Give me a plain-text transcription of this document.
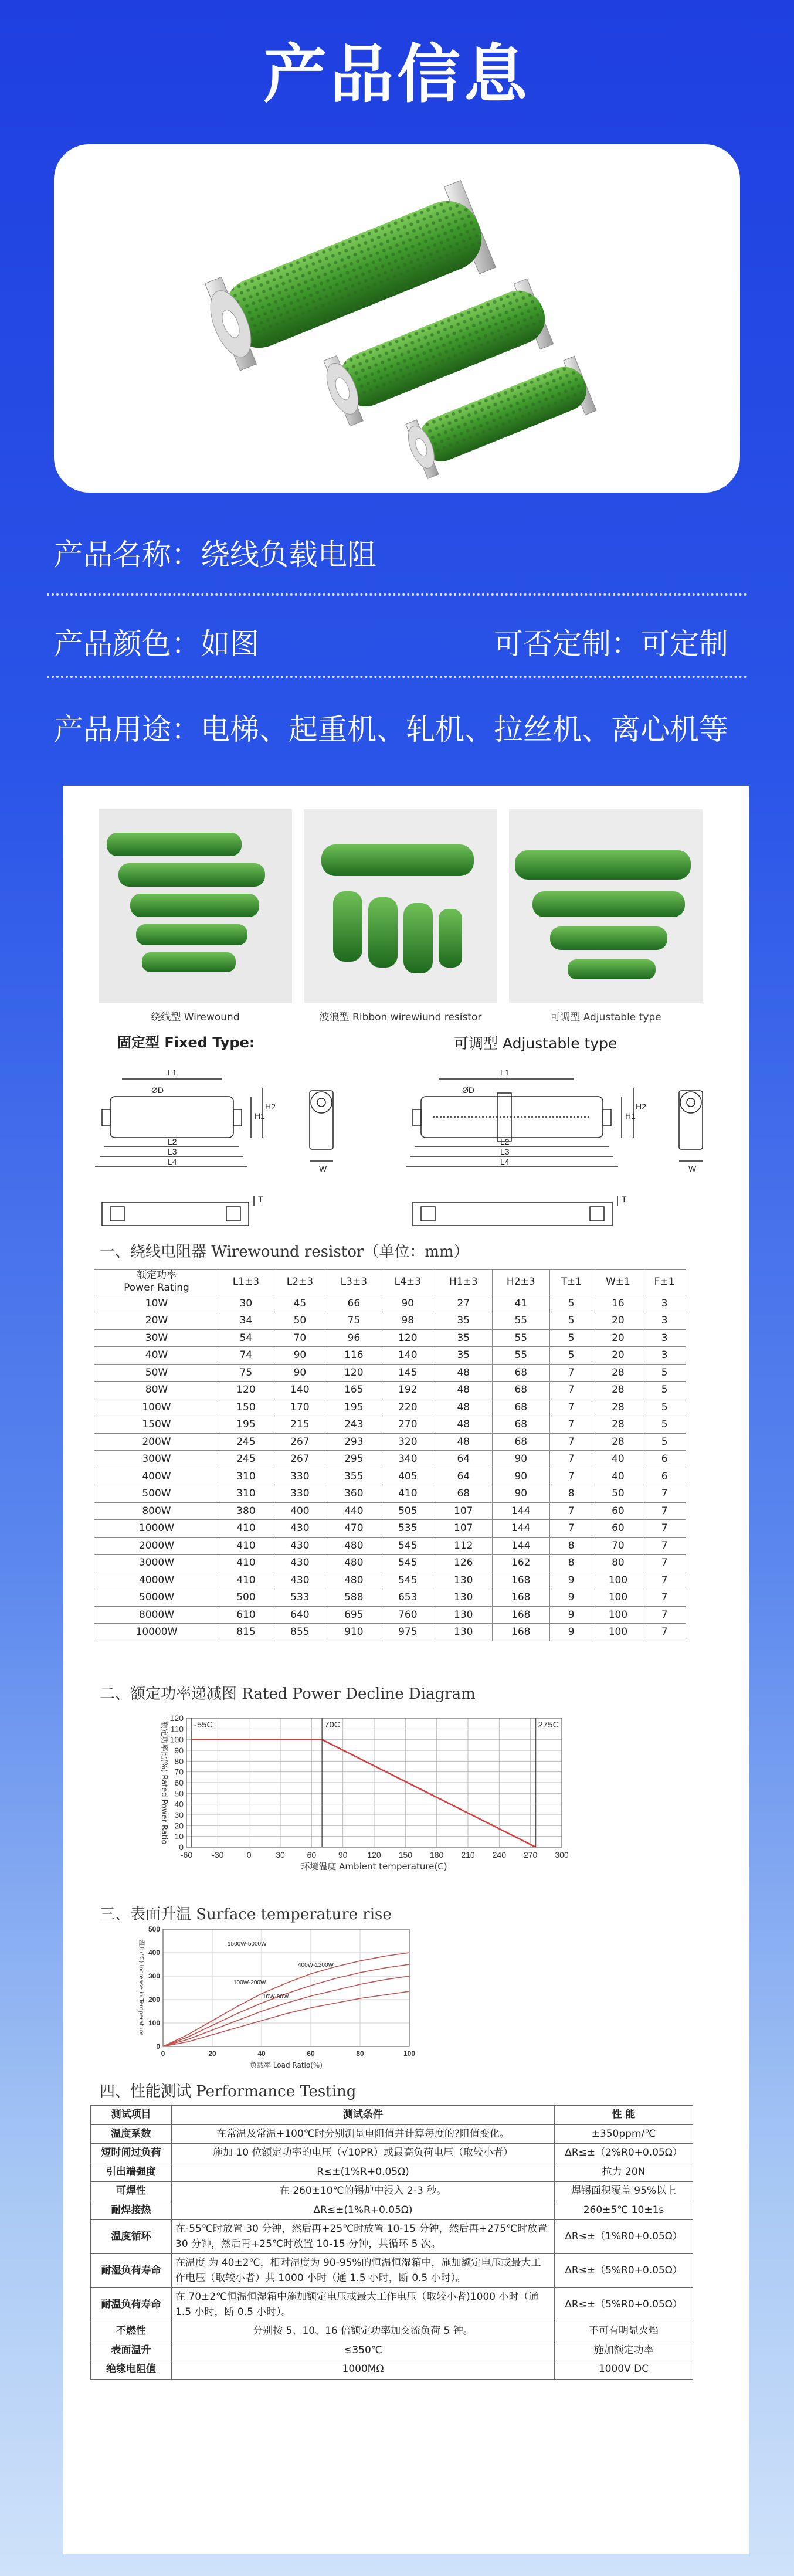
产品信息
产品名称：绕线负载电阻
产品颜色：如图	可否定制：可定制
产品用途：电梯、起重机、轧机、拉丝机、离心机等
绕线型 Wirewound	波浪型 Ribbon wirewiund resistor	可调型 Adjustable type
固定型 Fixed Type:	可调型 Adjustable type
L1
ØD
L2
L3
L4
H1
H2
W
T
L1
ØD
L2
L3
L4
H1
H2
W
T
一、绕线电阻器 Wirewound resistor（单位：mm）
额定功率
Power Rating	L1±3	L2±3	L3±3	L4±3	H1±3	H2±3	T±1	W±1	F±1
10W	30	45	66	90	27	41	5	16	3
20W	34	50	75	98	35	55	5	20	3
30W	54	70	96	120	35	55	5	20	3
40W	74	90	116	140	35	55	5	20	3
50W	75	90	120	145	48	68	7	28	5
80W	120	140	165	192	48	68	7	28	5
100W	150	170	195	220	48	68	7	28	5
150W	195	215	243	270	48	68	7	28	5
200W	245	267	293	320	48	68	7	28	5
300W	245	267	295	340	64	90	7	40	6
400W	310	330	355	405	64	90	7	40	6
500W	310	330	360	410	68	90	8	50	7
800W	380	400	440	505	107	144	7	60	7
1000W	410	430	470	535	107	144	7	60	7
2000W	410	430	480	545	112	144	8	70	7
3000W	410	430	480	545	126	162	8	80	7
4000W	410	430	480	545	130	168	9	100	7
5000W	500	533	588	653	130	168	9	100	7
8000W	610	640	695	760	130	168	9	100	7
10000W	815	855	910	975	130	168	9	100	7
二、额定功率递减图 Rated Power Decline Diagram
-60 -30	0	30	60	90 120 150 180 210 240 270 300
0
10
20
30
40
50
60
70
80
90
100
110
120
-55C	70C	275C
环境温度 Ambient temperature(C)
额定功率比(%) Rated Power Ratio
三、表面升温 Surface temperature rise
0	20	40	60	80	100
0
100
200
300
400
500
1500W-5000W
400W-1200W
100W-200W
10W-80W
负载率 Load Ratio(%)
温升(℃) Increase in Temperature
四、性能测试 Performance Testing
测试项目	测试条件	性 能
温度系数	在常温及常温+100℃时分别测量电阻值并计算每度的?阻值变化。	±350ppm/℃
短时间过负荷	施加 10 位额定功率的电压（√10PR）或最高负荷电压（取较小者）	ΔR≤±（2%R0+0.05Ω）
引出端强度	R≤±(1%R+0.05Ω)	拉力 20N
可焊性	在 260±10℃的锡炉中浸入 2-3 秒。	焊锡面积覆盖 95%以上
耐焊接热	ΔR≤±(1%R+0.05Ω)	260±5℃ 10±1s
温度循环	在-55℃时放置 30 分钟，然后再+25℃时放置 10-15 分钟，然后再+275℃时放置 30 分钟，然后再+25℃时放置 10-15 分钟，共循环 5 次。	ΔR≤±（1%R0+0.05Ω）
耐湿负荷寿命	在温度 为 40±2℃，相对湿度为 90-95%的恒温恒湿箱中，施加额定电压或最大工作电压（取较小者）共 1000 小时（通 1.5 小时，断 0.5 小时）。	ΔR≤±（5%R0+0.05Ω）
耐温负荷寿命	在 70±2℃恒温恒湿箱中施加额定电压或最大工作电压（取较小者)1000 小时（通 1.5 小时，断 0.5 小时）。	ΔR≤±（5%R0+0.05Ω）
不燃性	分别按 5、10、16 倍额定功率加交流负荷 5 钟。	不可有明显火焰
表面温升	≤350℃	施加额定功率
绝缘电阻值	1000MΩ	1000V DC
